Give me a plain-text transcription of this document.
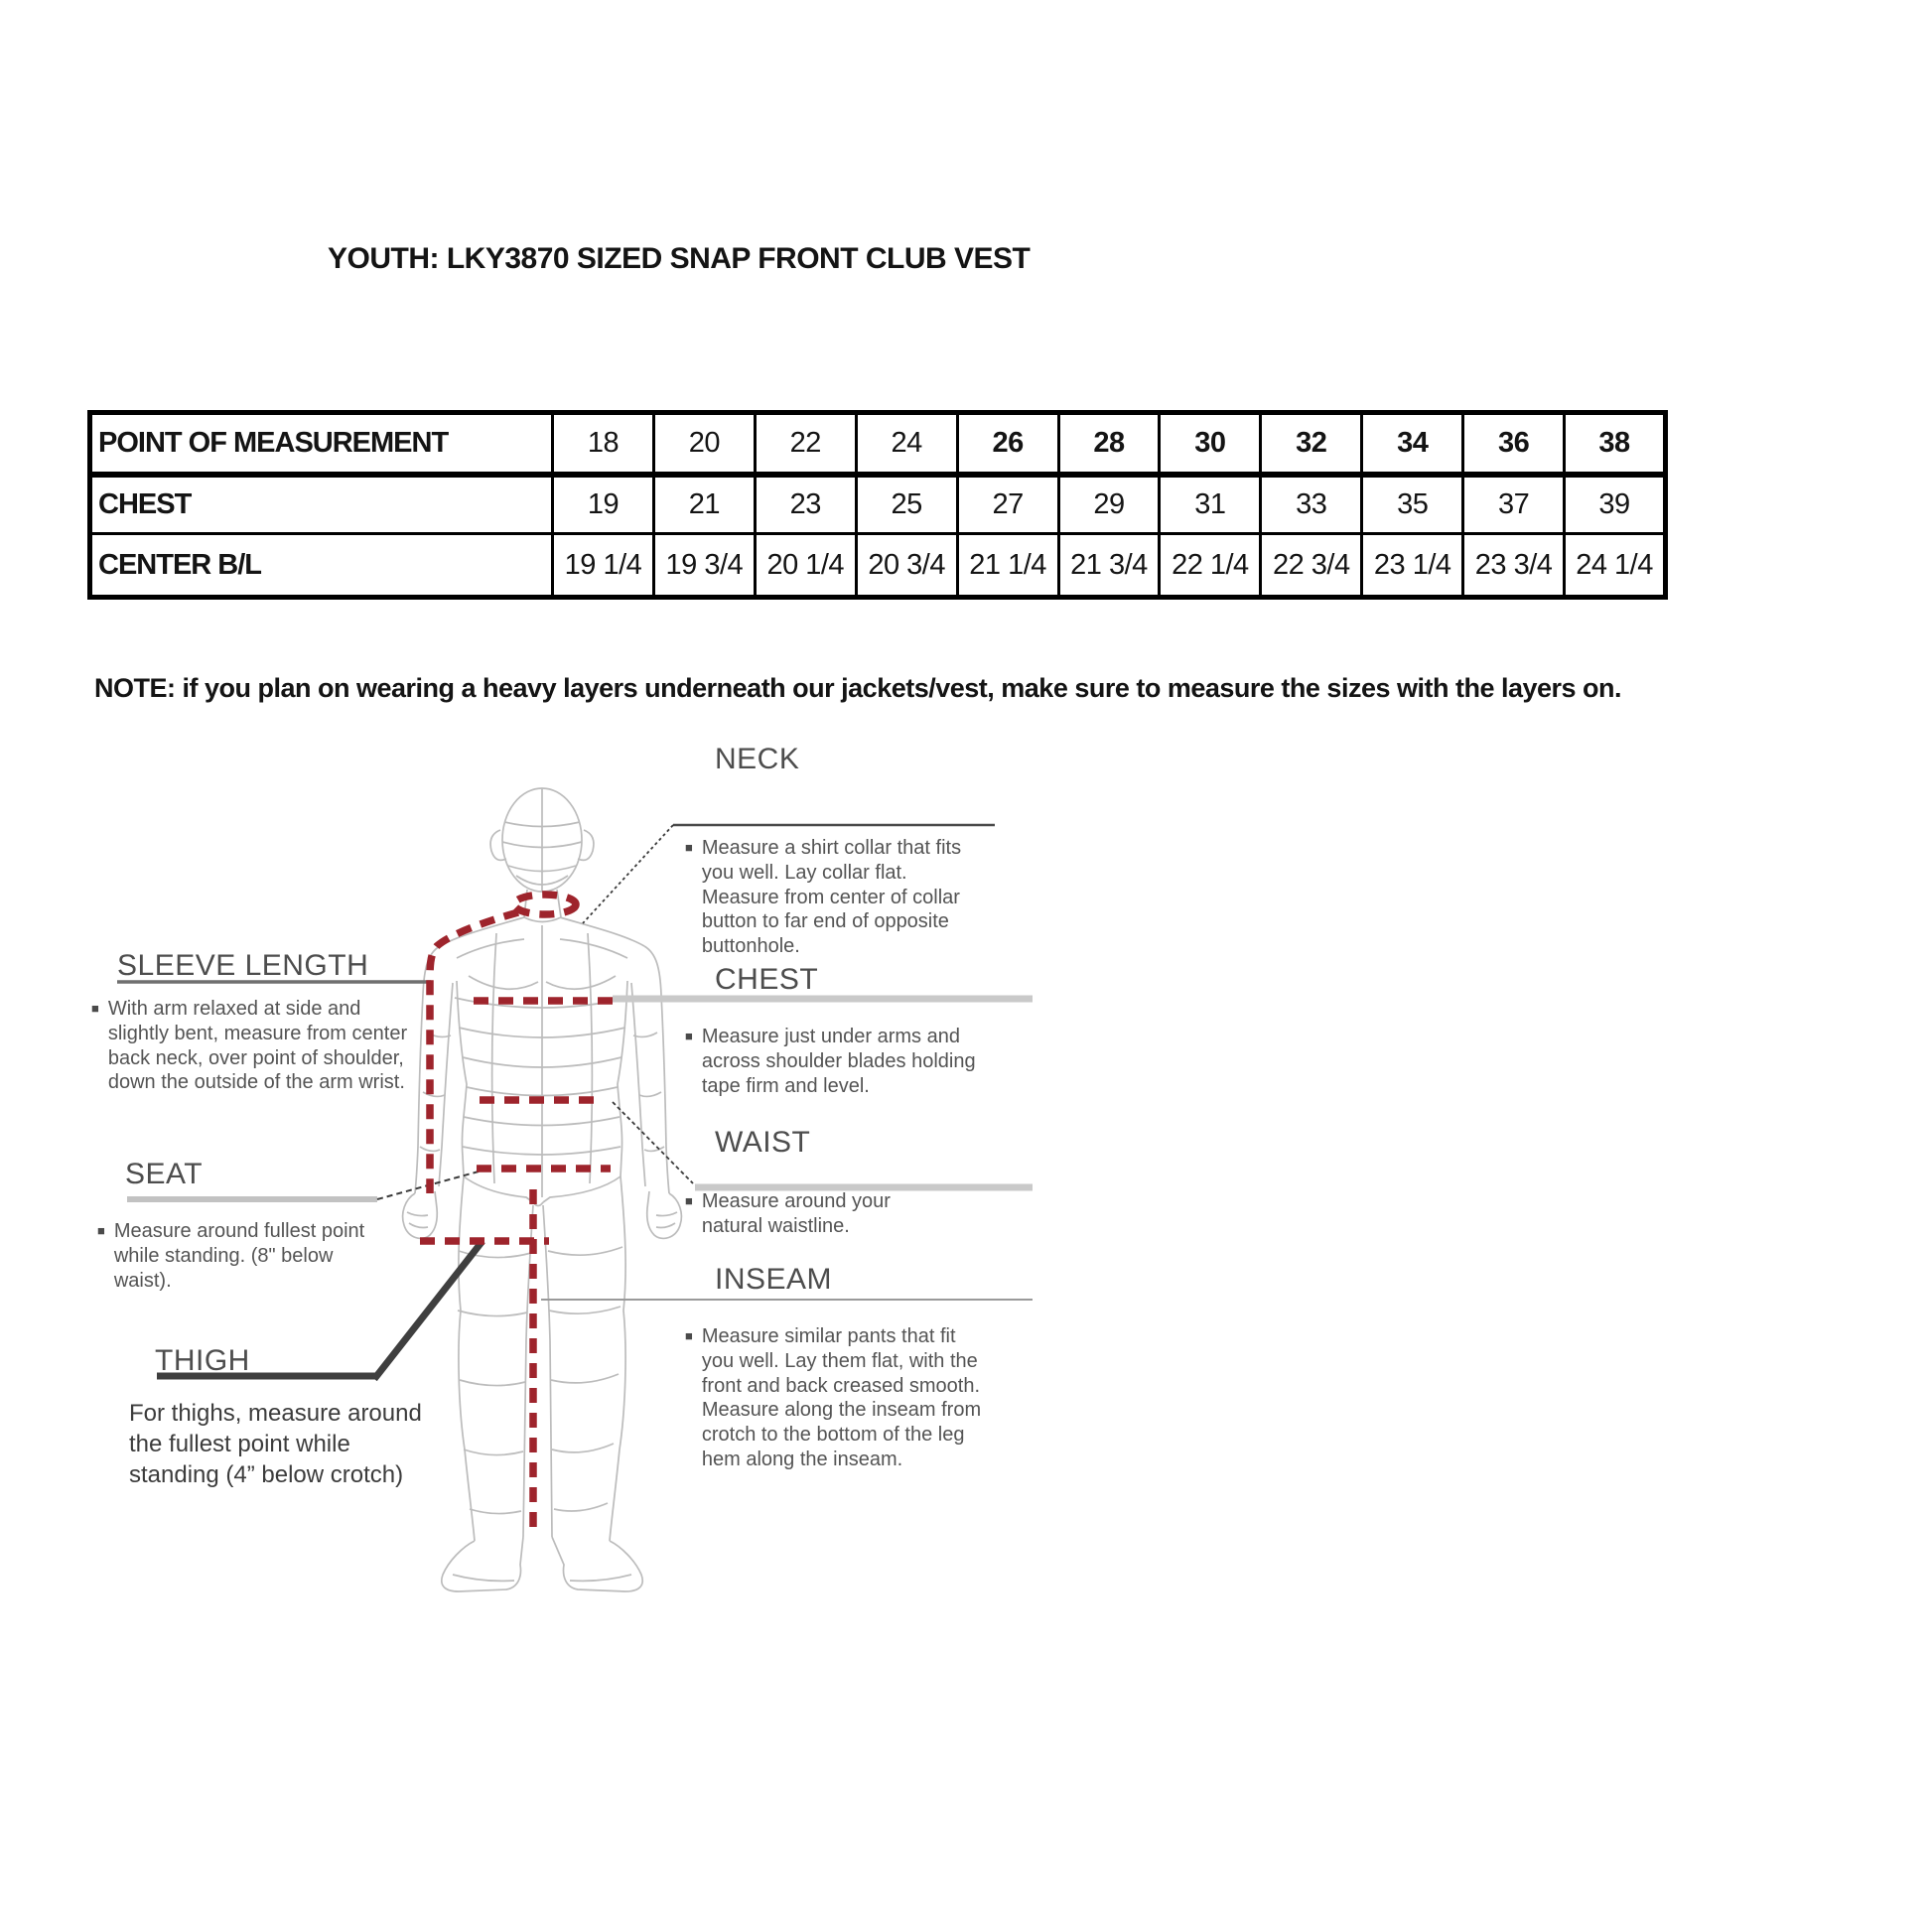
YOUTH: LKY3870 SIZED SNAP FRONT CLUB VEST
POINT OF MEASUREMENT	18	20	22	24	26	28	30	32	34	36	38
CHEST	19	21	23	25	27	29	31	33	35	37	39
CENTER B/L	19 1/4	19 3/4	20 1/4	20 3/4	21 1/4	21 3/4	22 1/4	22 3/4	23 1/4	23 3/4	24 1/4
NOTE: if you plan on wearing a heavy layers underneath our jackets/vest, make sure to measure the sizes with the layers on.
NECK
■ Measure a shirt collar that fits you well. Lay collar flat. Measure from center of collar button to far end of opposite buttonhole.
SLEEVE LENGTH
■ With arm relaxed at side and slightly bent, measure from center back neck, over point of shoulder, down the outside of the arm wrist.
CHEST
■ Measure just under arms and across shoulder blades holding tape firm and level.
SEAT
■ Measure around fullest point while standing. (8" below waist).
WAIST
■ Measure around your natural waistline.
THIGH
For thighs, measure around the fullest point while standing (4” below crotch)
INSEAM
■ Measure similar pants that fit you well. Lay them flat, with the front and back creased smooth. Measure along the inseam from crotch to the bottom of the leg hem along the inseam.
